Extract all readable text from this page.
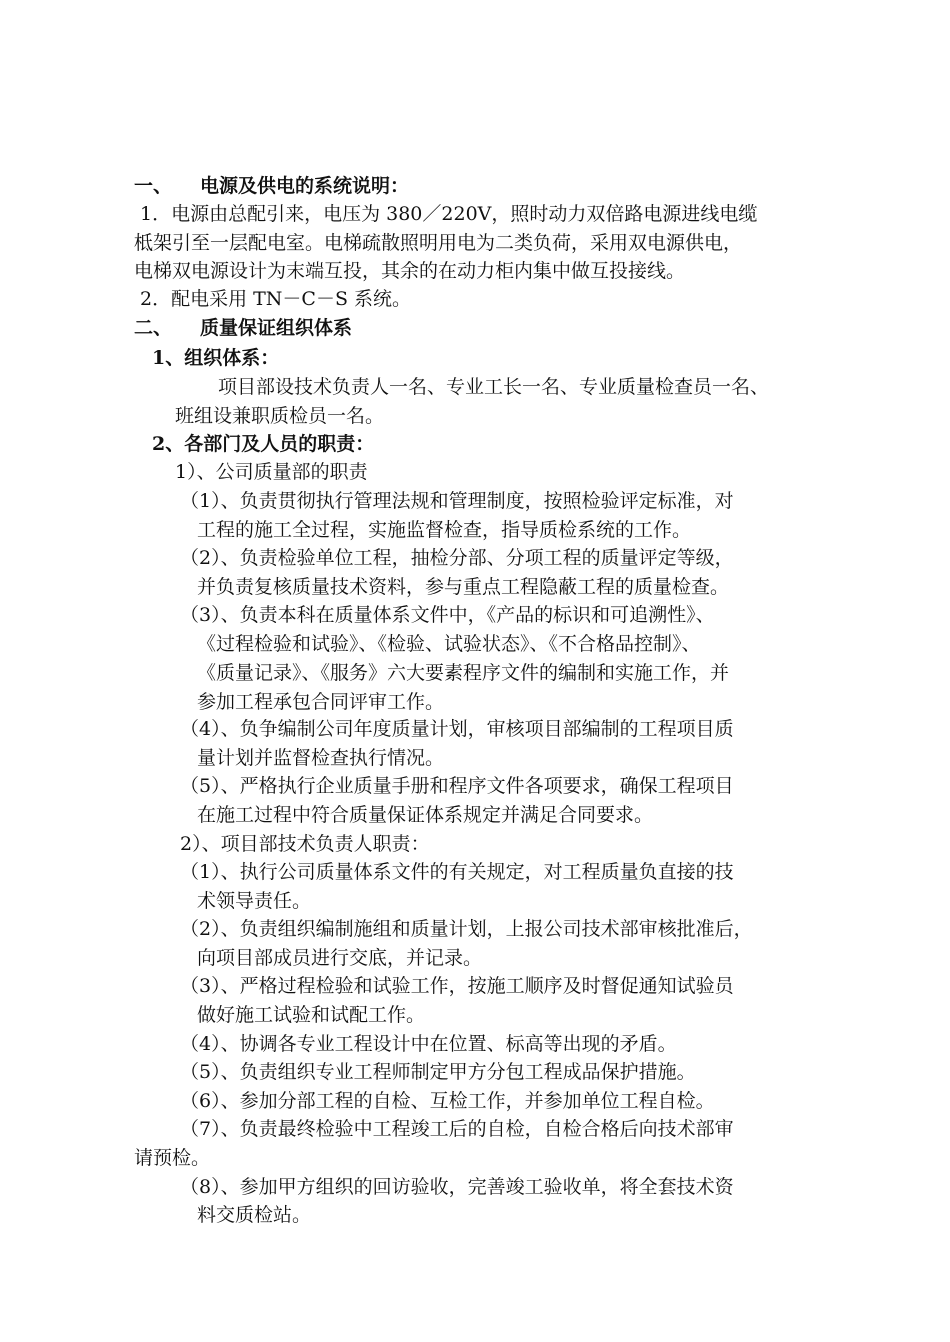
一、 电源及供电的系统说明：
1．电源由总配引来，电压为 380／220V，照时动力双倍路电源进线电缆
柢架引至一层配电室。电梯疏散照明用电为二类负荷，采用双电源供电，
电梯双电源设计为末端互投，其余的在动力柜内集中做互投接线。
2．配电采用 TN－C－S 系统。
二、 质量保证组织体系
1、组织体系：
项目部设技术负责人一名、专业工长一名、专业质量检查员一名、
班组设兼职质检员一名。
2、各部门及人员的职责：
1）、公司质量部的职责
（1）、负责贯彻执行管理法规和管理制度，按照检验评定标准，对
工程的施工全过程，实施监督检查，指导质检系统的工作。
（2）、负责检验单位工程，抽检分部、分项工程的质量评定等级，
并负责复核质量技术资料，参与重点工程隐蔽工程的质量检查。
（3）、负责本科在质量体系文件中，《产品的标识和可追溯性》、
《过程检验和试验》、《检验、试验状态》、《不合格品控制》、
《质量记录》、《服务》六大要素程序文件的编制和实施工作，并
参加工程承包合同评审工作。
（4）、负争编制公司年度质量计划，审核项目部编制的工程项目质
量计划并监督检查执行情况。
（5）、严格执行企业质量手册和程序文件各项要求，确保工程项目
在施工过程中符合质量保证体系规定并满足合同要求。
2）、项目部技术负责人职责：
（1）、执行公司质量体系文件的有关规定，对工程质量负直接的技
术领导责任。
（2）、负责组织编制施组和质量计划，上报公司技术部审核批准后，
向项目部成员进行交底，并记录。
（3）、严格过程检验和试验工作，按施工顺序及时督促通知试验员
做好施工试验和试配工作。
（4）、协调各专业工程设计中在位置、标高等出现的矛盾。
（5）、负责组织专业工程师制定甲方分包工程成品保护措施。
（6）、参加分部工程的自检、互检工作，并参加单位工程自检。
（7）、负责最终检验中工程竣工后的自检，自检合格后向技术部审
请预检。
（8）、参加甲方组织的回访验收，完善竣工验收单，将全套技术资
料交质检站。
